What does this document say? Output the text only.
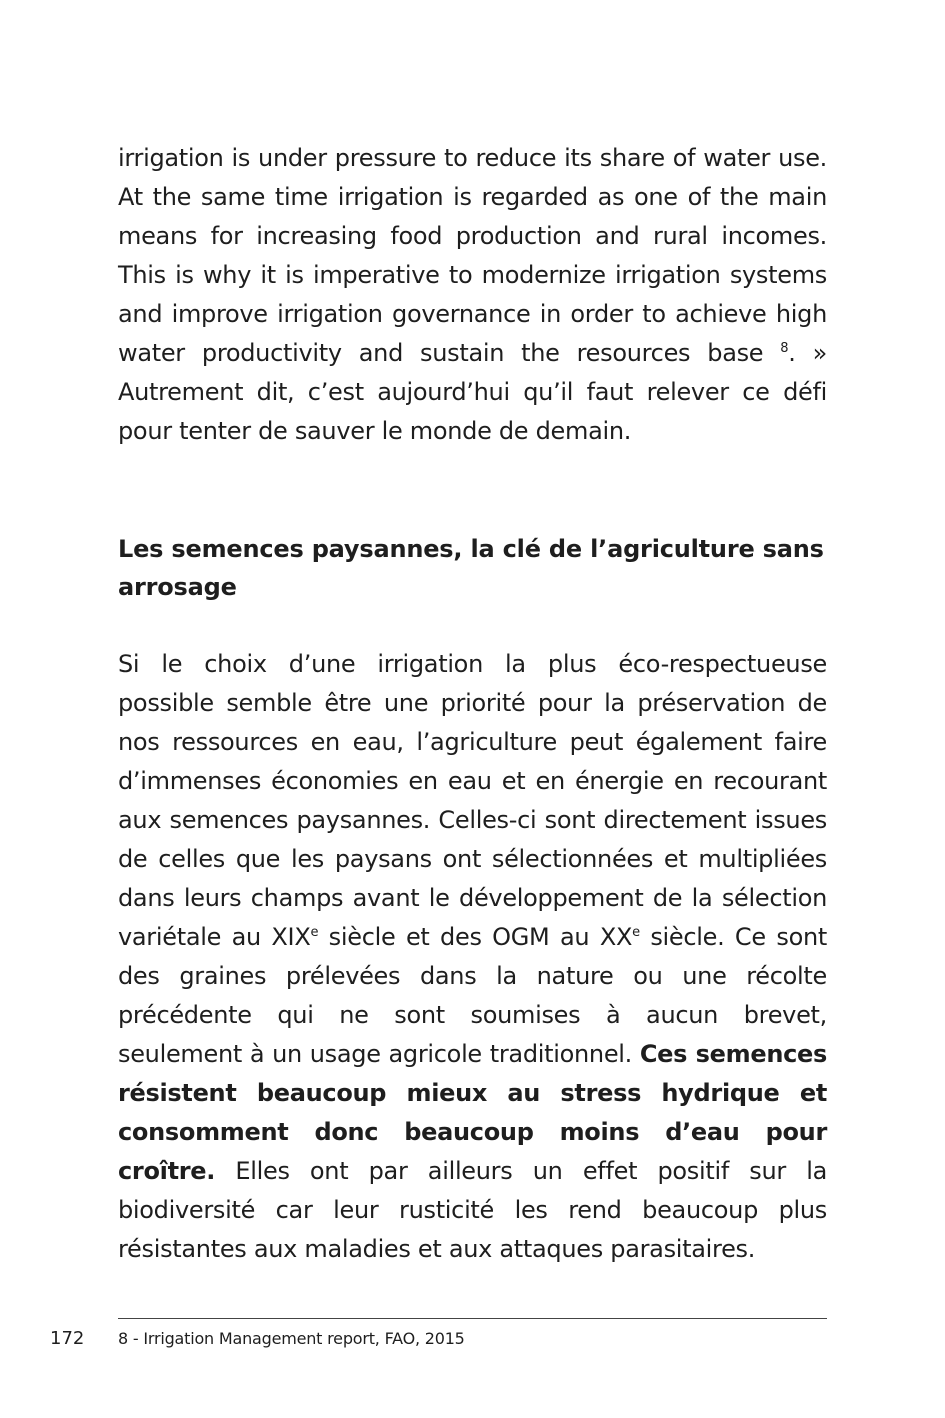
irrigation is under pressure to reduce its share of water use. At the same time irrigation is regarded as one of the main means for increasing food production and rural incomes. This is why it is imperative to modernize irrigation systems and improve irrigation governance in order to achieve high water productivity and sustain the resources base $^8$. » Autrement dit, c’est aujourd’hui qu’il faut relever ce défi pour tenter de sauver le monde de demain.

Les semences paysannes, la clé de l’agriculture sans arrosage

Si le choix d’une irrigation la plus éco-respectueuse possible semble être une priorité pour la préservation de nos ressources en eau, l’agriculture peut également faire d’immenses économies en eau et en énergie en recourant aux semences paysannes. Celles-ci sont directement issues de celles que les paysans ont sélectionnées et multipliées dans leurs champs avant le développement de la sélection variétale au XIXe siècle et des OGM au XXe siècle. Ce sont des graines prélevées dans la nature ou une récolte précédente qui ne sont soumises à aucun brevet, seulement à un usage agricole traditionnel. Ces semences résistent beaucoup mieux au stress hydrique et consomment donc beaucoup moins d’eau pour croître. Elles ont par ailleurs un effet positif sur la biodiversité car leur rusticité les rend beaucoup plus résistantes aux maladies et aux attaques parasitaires.

172 8 - Irrigation Management report, FAO, 2015
